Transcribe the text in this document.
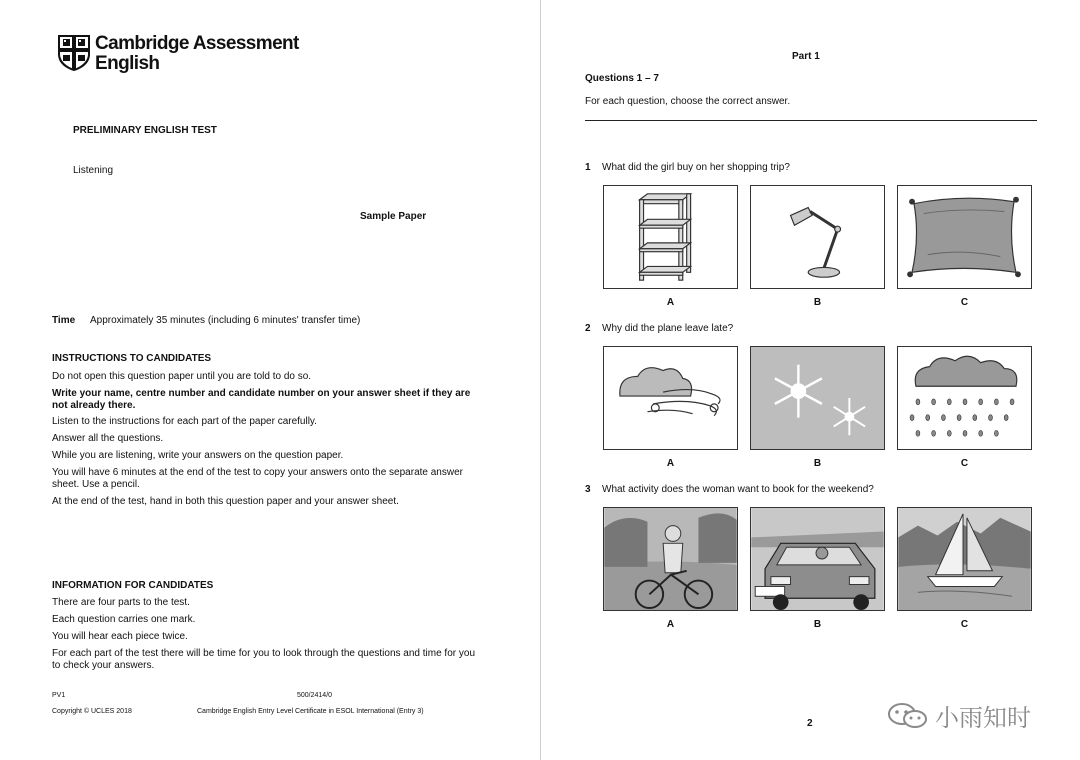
Cambridge Assessment
English
PRELIMINARY ENGLISH TEST
Listening
Sample Paper
Time Approximately 35 minutes (including 6 minutes' transfer time)
INSTRUCTIONS TO CANDIDATES
Do not open this question paper until you are told to do so.
Write your name, centre number and candidate number on your answer sheet if they are not already there.
Listen to the instructions for each part of the paper carefully.
Answer all the questions.
While you are listening, write your answers on the question paper.
You will have 6 minutes at the end of the test to copy your answers onto the separate answer sheet. Use a pencil.
At the end of the test, hand in both this question paper and your answer sheet.
INFORMATION FOR CANDIDATES
There are four parts to the test.
Each question carries one mark.
You will hear each piece twice.
For each part of the test there will be time for you to look through the questions and time for you to check your answers.
PV1	500/2414/0
Copyright © UCLES 2018	Cambridge English Entry Level Certificate in ESOL International (Entry 3)
Part 1
Questions 1 – 7
For each question, choose the correct answer.
1 What did the girl buy on her shopping trip?
A	B	C
2 Why did the plane leave late?
A	B	C
3 What activity does the woman want to book for the weekend?
A	B	C
2	小雨知时
